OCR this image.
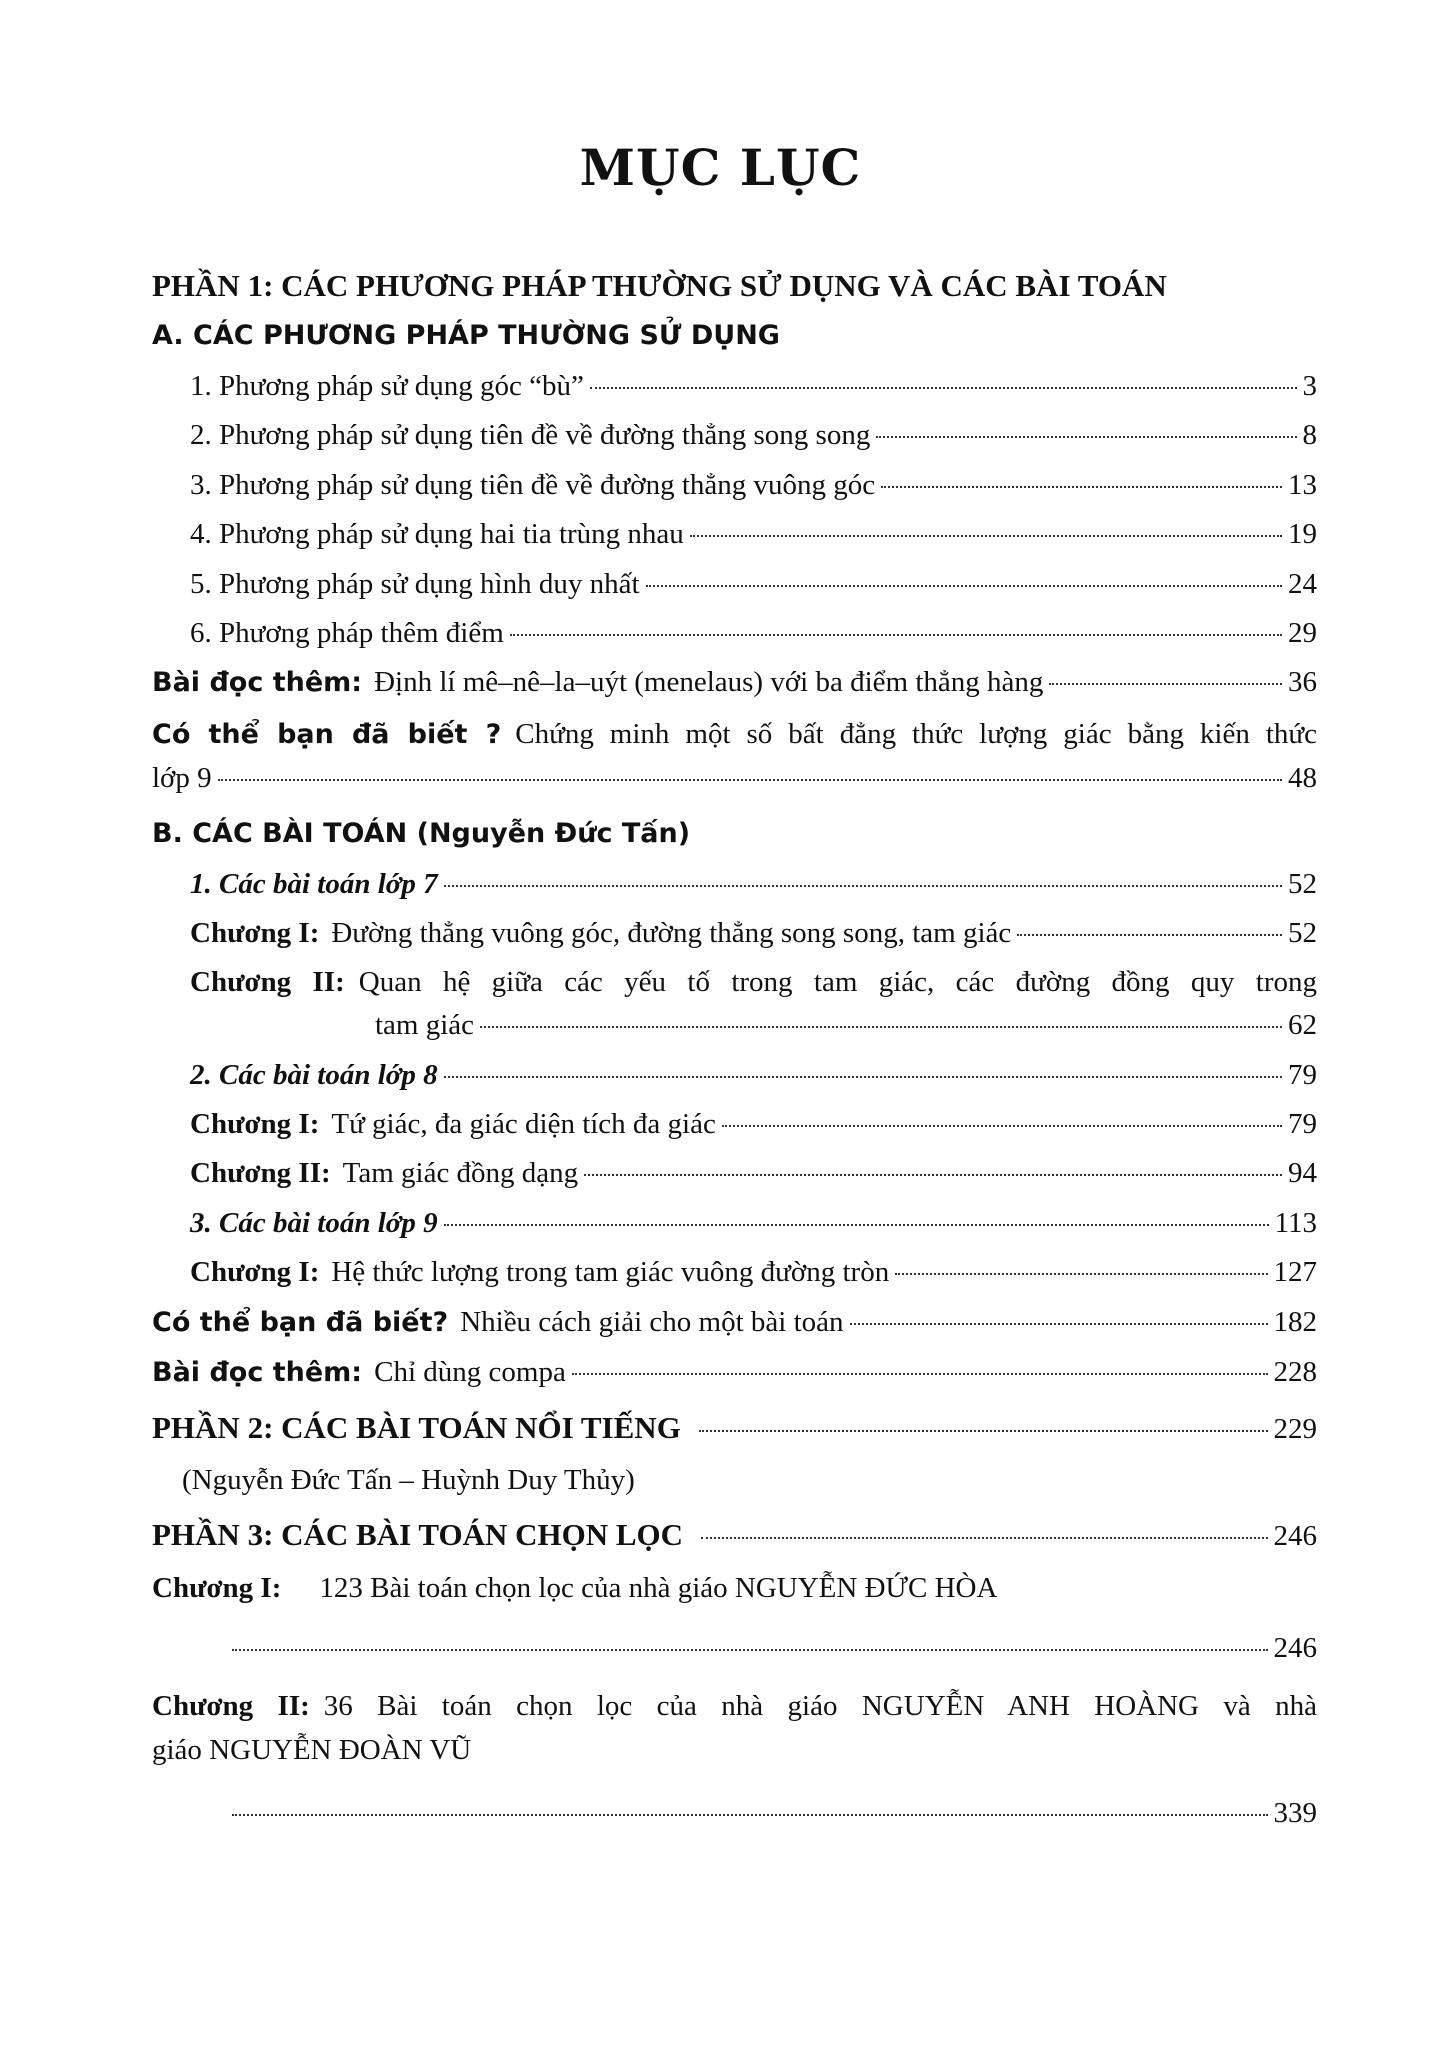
MỤC LỤC
PHẦN 1: CÁC PHƯƠNG PHÁP THƯỜNG SỬ DỤNG VÀ CÁC BÀI TOÁN
A. CÁC PHƯƠNG PHÁP THƯỜNG SỬ DỤNG
1. Phương pháp sử dụng góc “bù”	3
2. Phương pháp sử dụng tiên đề về đường thẳng song song	8
3. Phương pháp sử dụng tiên đề về đường thẳng vuông góc	13
4. Phương pháp sử dụng hai tia trùng nhau	19
5. Phương pháp sử dụng hình duy nhất	24
6. Phương pháp thêm điểm	29
Bài đọc thêm: Định lí mê–nê–la–uýt (menelaus) với ba điểm thẳng hàng	36
Có thể bạn đã biết ? Chứng minh một số bất đẳng thức lượng giác bằng kiến thức
lớp 9	48
B. CÁC BÀI TOÁN (Nguyễn Đức Tấn)
1. Các bài toán lớp 7	52
Chương I: Đường thẳng vuông góc, đường thẳng song song, tam giác	52
Chương II: Quan hệ giữa các yếu tố trong tam giác, các đường đồng quy trong
tam giác	62
2. Các bài toán lớp 8	79
Chương I: Tứ giác, đa giác diện tích đa giác	79
Chương II: Tam giác đồng dạng	94
3. Các bài toán lớp 9	113
Chương I: Hệ thức lượng trong tam giác vuông đường tròn	127
Có thể bạn đã biết? Nhiều cách giải cho một bài toán	182
Bài đọc thêm: Chỉ dùng compa	228
PHẦN 2: CÁC BÀI TOÁN NỔI TIẾNG	229
(Nguyễn Đức Tấn – Huỳnh Duy Thủy)
PHẦN 3: CÁC BÀI TOÁN CHỌN LỌC	246
Chương I: 123 Bài toán chọn lọc của nhà giáo NGUYỄN ĐỨC HÒA
246
Chương II: 36 Bài toán chọn lọc của nhà giáo NGUYỄN ANH HOÀNG và nhà
giáo NGUYỄN ĐOÀN VŨ
339
